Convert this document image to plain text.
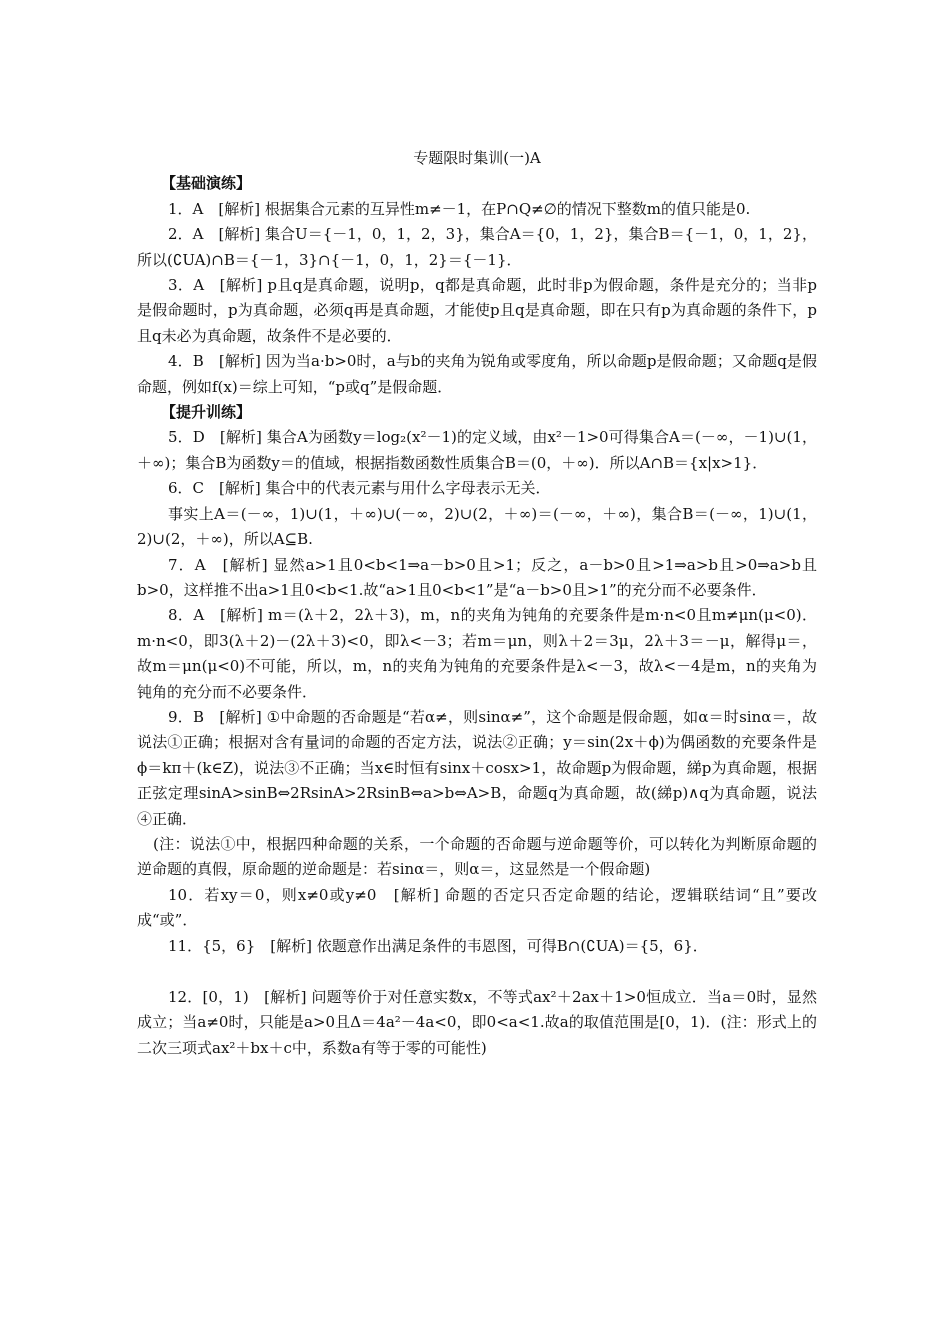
专题限时集训(一)A

【基础演练】

1．A　[解析] 根据集合元素的互异性m≠－1，在P∩Q≠∅的情况下整数m的值只能是0.

2．A　[解析] 集合U＝{－1，0，1，2，3}，集合A＝{0，1，2}，集合B＝{－1，0，1，2}，所以(∁UA)∩B＝{－1，3}∩{－1，0，1，2}＝{－1}．

3．A　[解析] p且q是真命题，说明p，q都是真命题，此时非p为假命题，条件是充分的；当非p是假命题时，p为真命题，必须q再是真命题，才能使p且q是真命题，即在只有p为真命题的条件下，p且q未必为真命题，故条件不是必要的．

4．B　[解析] 因为当a·b>0时，a与b的夹角为锐角或零度角，所以命题p是假命题；又命题q是假命题，例如f(x)＝综上可知，“p或q”是假命题．

【提升训练】

5．D　[解析] 集合A为函数y＝log₂(x²－1)的定义域，由x²－1>0可得集合A＝(－∞，－1)∪(1，＋∞)；集合B为函数y＝的值域，根据指数函数性质集合B＝(0，＋∞)．所以A∩B＝{x|x>1}．

6．C　[解析] 集合中的代表元素与用什么字母表示无关．

事实上A＝(－∞，1)∪(1，＋∞)∪(－∞，2)∪(2，＋∞)＝(－∞，＋∞)，集合B＝(－∞，1)∪(1，2)∪(2，＋∞)，所以A⊆B.

7．A　[解析] 显然a>1且0<b<1⇒a－b>0且>1；反之，a－b>0且>1⇒a>b且>0⇒a>b且b>0，这样推不出a>1且0<b<1.故“a>1且0<b<1”是“a－b>0且>1”的充分而不必要条件．

8．A　[解析] m＝(λ＋2，2λ＋3)，m，n的夹角为钝角的充要条件是m·n<0且m≠μn(μ<0)．m·n<0，即3(λ＋2)－(2λ＋3)<0，即λ<－3；若m＝μn，则λ＋2＝3μ，2λ＋3＝－μ，解得μ＝，故m＝μn(μ<0)不可能，所以，m，n的夹角为钝角的充要条件是λ<－3，故λ<－4是m，n的夹角为钝角的充分而不必要条件．

9．B　[解析] ①中命题的否命题是“若α≠，则sinα≠”，这个命题是假命题，如α＝时sinα＝，故说法①正确；根据对含有量词的命题的否定方法，说法②正确；y＝sin(2x＋ϕ)为偶函数的充要条件是ϕ＝kπ＋(k∈Z)，说法③不正确；当x∈时恒有sinx＋cosx>1，故命题p为假命题，綈p为真命题，根据正弦定理sinA>sinB⇔2RsinA>2RsinB⇔a>b⇔A>B，命题q为真命题，故(綈p)∧q为真命题，说法④正确．

(注：说法①中，根据四种命题的关系，一个命题的否命题与逆命题等价，可以转化为判断原命题的逆命题的真假，原命题的逆命题是：若sinα＝，则α＝，这显然是一个假命题)

10．若xy＝0，则x≠0或y≠0　[解析] 命题的否定只否定命题的结论，逻辑联结词“且”要改成“或”．

11．{5，6}　[解析] 依题意作出满足条件的韦恩图，可得B∩(∁UA)＝{5，6}．

12．[0，1)　[解析] 问题等价于对任意实数x，不等式ax²＋2ax＋1>0恒成立．当a＝0时，显然成立；当a≠0时，只能是a>0且Δ＝4a²－4a<0，即0<a<1.故a的取值范围是[0，1)．(注：形式上的二次三项式ax²＋bx＋c中，系数a有等于零的可能性)
